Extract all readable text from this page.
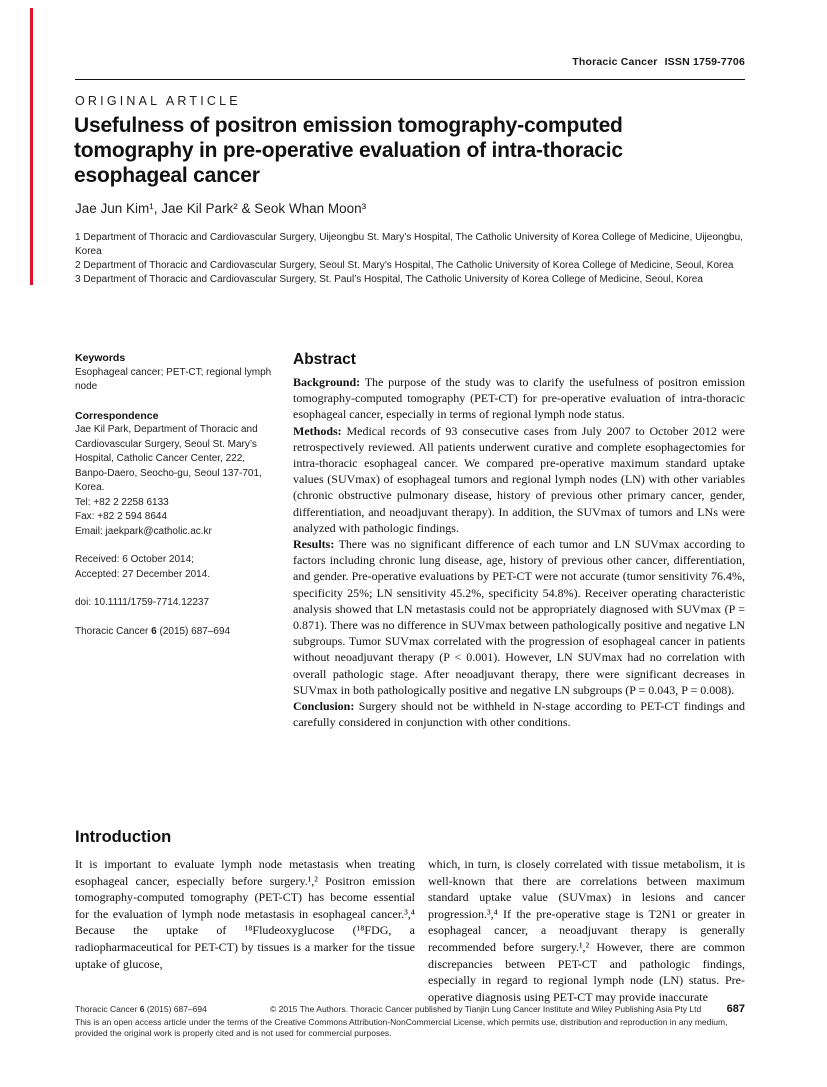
Thoracic Cancer ISSN 1759-7706
ORIGINAL ARTICLE
Usefulness of positron emission tomography-computed tomography in pre-operative evaluation of intra-thoracic esophageal cancer
Jae Jun Kim¹, Jae Kil Park² & Seok Whan Moon³
1 Department of Thoracic and Cardiovascular Surgery, Uijeongbu St. Mary’s Hospital, The Catholic University of Korea College of Medicine, Uijeongbu, Korea
2 Department of Thoracic and Cardiovascular Surgery, Seoul St. Mary’s Hospital, The Catholic University of Korea College of Medicine, Seoul, Korea
3 Department of Thoracic and Cardiovascular Surgery, St. Paul’s Hospital, The Catholic University of Korea College of Medicine, Seoul, Korea
Keywords
Esophageal cancer; PET-CT; regional lymph node
Correspondence
Jae Kil Park, Department of Thoracic and Cardiovascular Surgery, Seoul St. Mary’s Hospital, Catholic Cancer Center, 222, Banpo-Daero, Seocho-gu, Seoul 137-701, Korea.
Tel: +82 2 2258 6133
Fax: +82 2 594 8644
Email: jaekpark@catholic.ac.kr
Received: 6 October 2014;
Accepted: 27 December 2014.
doi: 10.1111/1759-7714.12237
Thoracic Cancer 6 (2015) 687–694
Abstract

Background: The purpose of the study was to clarify the usefulness of positron emission tomography-computed tomography (PET-CT) for pre-operative evaluation of intra-thoracic esophageal cancer, especially in terms of regional lymph node status.

Methods: Medical records of 93 consecutive cases from July 2007 to October 2012 were retrospectively reviewed. All patients underwent curative and complete esophagectomies for intra-thoracic esophageal cancer. We compared pre-operative maximum standard uptake values (SUVmax) of esophageal tumors and regional lymph nodes (LN) with other variables (chronic obstructive pulmonary disease, history of previous other primary cancer, gender, differentiation, and neoadjuvant therapy). In addition, the SUVmax of tumors and LNs were analyzed with pathologic findings.

Results: There was no significant difference of each tumor and LN SUVmax according to factors including chronic lung disease, age, history of previous other cancer, differentiation, and gender. Pre-operative evaluations by PET-CT were not accurate (tumor sensitivity 76.4%, specificity 25%; LN sensitivity 45.2%, specificity 54.8%). Receiver operating characteristic analysis showed that LN metastasis could not be appropriately diagnosed with SUVmax (P = 0.871). There was no difference in SUVmax between pathologically positive and negative LN subgroups. Tumor SUVmax correlated with the progression of esophageal cancer in patients without neoadjuvant therapy (P < 0.001). However, LN SUVmax had no correlation with overall pathologic stage. After neoadjuvant therapy, there were significant decreases in SUVmax in both pathologically positive and negative LN subgroups (P = 0.043, P = 0.008).

Conclusion: Surgery should not be withheld in N-stage according to PET-CT findings and carefully considered in conjunction with other conditions.

Introduction

It is important to evaluate lymph node metastasis when treating esophageal cancer, especially before surgery.¹,² Positron emission tomography-computed tomography (PET-CT) has become essential for the evaluation of lymph node metastasis in esophageal cancer.³,⁴ Because the uptake of ¹⁸Fludeoxyglucose (¹⁸FDG, a radiopharmaceutical for PET-CT) by tissues is a marker for the tissue uptake of glucose,

which, in turn, is closely correlated with tissue metabolism, it is well-known that there are correlations between maximum standard uptake value (SUVmax) in lesions and cancer progression.³,⁴ If the pre-operative stage is T2N1 or greater in esophageal cancer, a neoadjuvant therapy is generally recommended before surgery.¹,² However, there are common discrepancies between PET-CT and pathologic findings, especially in regard to regional lymph node (LN) status. Pre-operative diagnosis using PET-CT may provide inaccurate

Thoracic Cancer 6 (2015) 687–694	© 2015 The Authors. Thoracic Cancer published by Tianjin Lung Cancer Institute and Wiley Publishing Asia Pty Ltd	687
This is an open access article under the terms of the Creative Commons Attribution-NonCommercial License, which permits use, distribution and reproduction in any medium, provided the original work is properly cited and is not used for commercial purposes.
